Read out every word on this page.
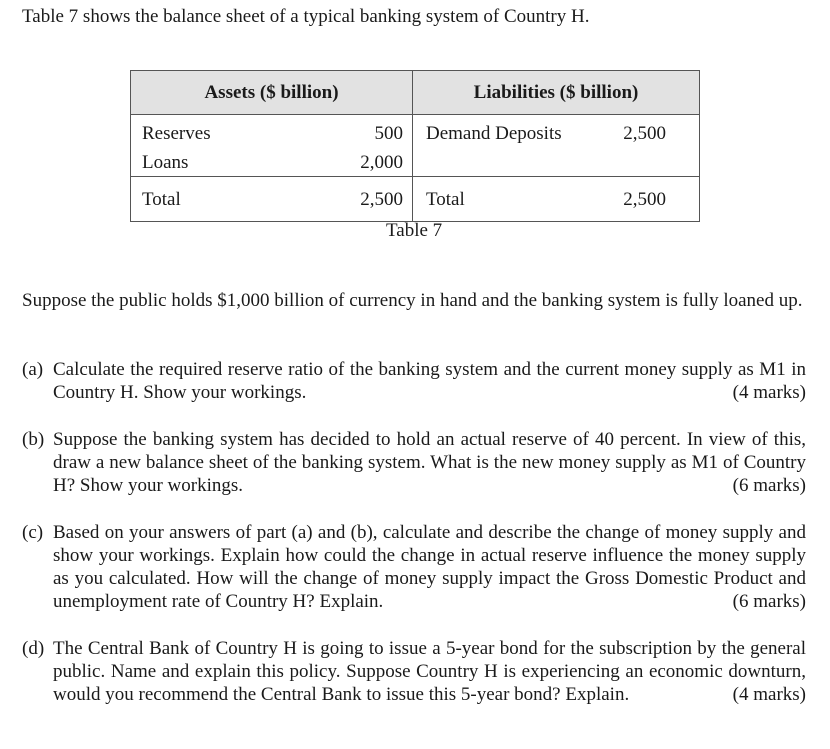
Table 7 shows the balance sheet of a typical banking system of Country H.
Assets ($ billion)		Liabilities ($ billion)	
Reserves	500	Demand Deposits	2,500
Loans	2,000		
Total	2,500	Total	2,500
Table 7
Suppose the public holds $1,000 billion of currency in hand and the banking system is fully loaned up.
(a) Calculate the required reserve ratio of the banking system and the current money supply as M1 in Country H. Show your workings.	(4 marks)
(b) Suppose the banking system has decided to hold an actual reserve of 40 percent. In view of this, draw a new balance sheet of the banking system. What is the new money supply as M1 of Country H? Show your workings.	(6 marks)
(c) Based on your answers of part (a) and (b), calculate and describe the change of money supply and show your workings. Explain how could the change in actual reserve influence the money supply as you calculated. How will the change of money supply impact the Gross Domestic Product and unemployment rate of Country H? Explain.	(6 marks)
(d) The Central Bank of Country H is going to issue a 5-year bond for the subscription by the general public. Name and explain this policy. Suppose Country H is experiencing an economic downturn, would you recommend the Central Bank to issue this 5-year bond? Explain.	(4 marks)
